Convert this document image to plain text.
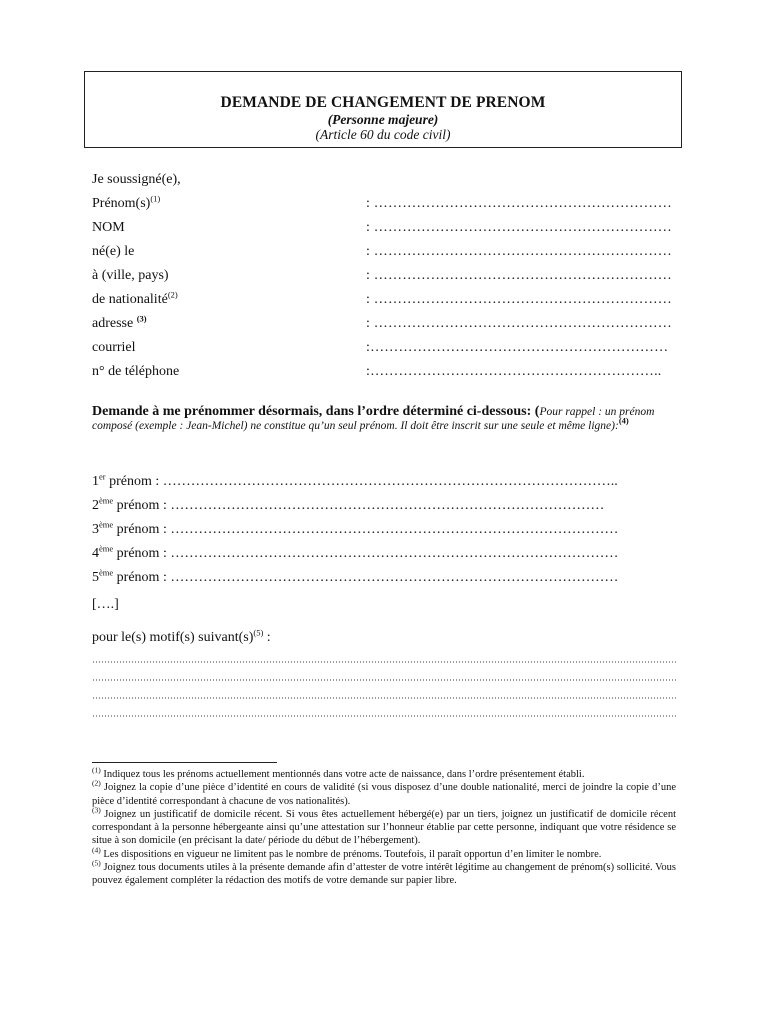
DEMANDE DE CHANGEMENT DE PRENOM
(Personne majeure)
(Article 60 du code civil)
Je soussigné(e),
$Prénom(s)^{(1)}$	: ………………………………………………………
NOM	: ………………………………………………………
né(e) le	: ………………………………………………………
à (ville, pays)	: ………………………………………………………
de nationalité$^{(2)}$	: ………………………………………………………
adresse $^{(3)}$	: ………………………………………………………
courriel	:………………………………………………………
n° de téléphone	:……………………………………………………..
Demande à me prénommer désormais, dans l’ordre déterminé ci-dessous: (Pour rappel : un prénom composé (exemple : Jean-Michel) ne constitue qu’un seul prénom. Il doit être inscrit sur une seule et même ligne):$^{(4)}$
1er prénom : ……………………………………………………………………………………..
2ème prénom : …………………………………………………………………………………
3ème prénom : ……………………………………………………………………………………
4ème prénom : ……………………………………………………………………………………
5ème prénom : ……………………………………………………………………………………
[….]
pour le(s) motif(s) $suivant(s)^{(5)}$ :

$^{(1)}$ Indiquez tous les prénoms actuellement mentionnés dans votre acte de naissance, dans l’ordre présentement établi.

$^{(2)}$ Joignez la copie d’une pièce d’identité en cours de validité (si vous disposez d’une double nationalité, merci de joindre la copie d’une pièce d’identité correspondant à chacune de vos nationalités).

$^{(3)}$ Joignez un justificatif de domicile récent. Si vous êtes actuellement hébergé(e) par un tiers, joignez un justificatif de domicile récent correspondant à la personne hébergeante ainsi qu’une attestation sur l’honneur établie par cette personne, indiquant que votre résidence se situe à son domicile (en précisant la date/ période du début de l’hébergement).

$^{(4)}$ Les dispositions en vigueur ne limitent pas le nombre de prénoms. Toutefois, il paraît opportun d’en limiter le nombre.

$^{(5)}$ Joignez tous documents utiles à la présente demande afin d’attester de votre intérêt légitime au changement de prénom(s) sollicité. Vous pouvez également compléter la rédaction des motifs de votre demande sur papier libre.
